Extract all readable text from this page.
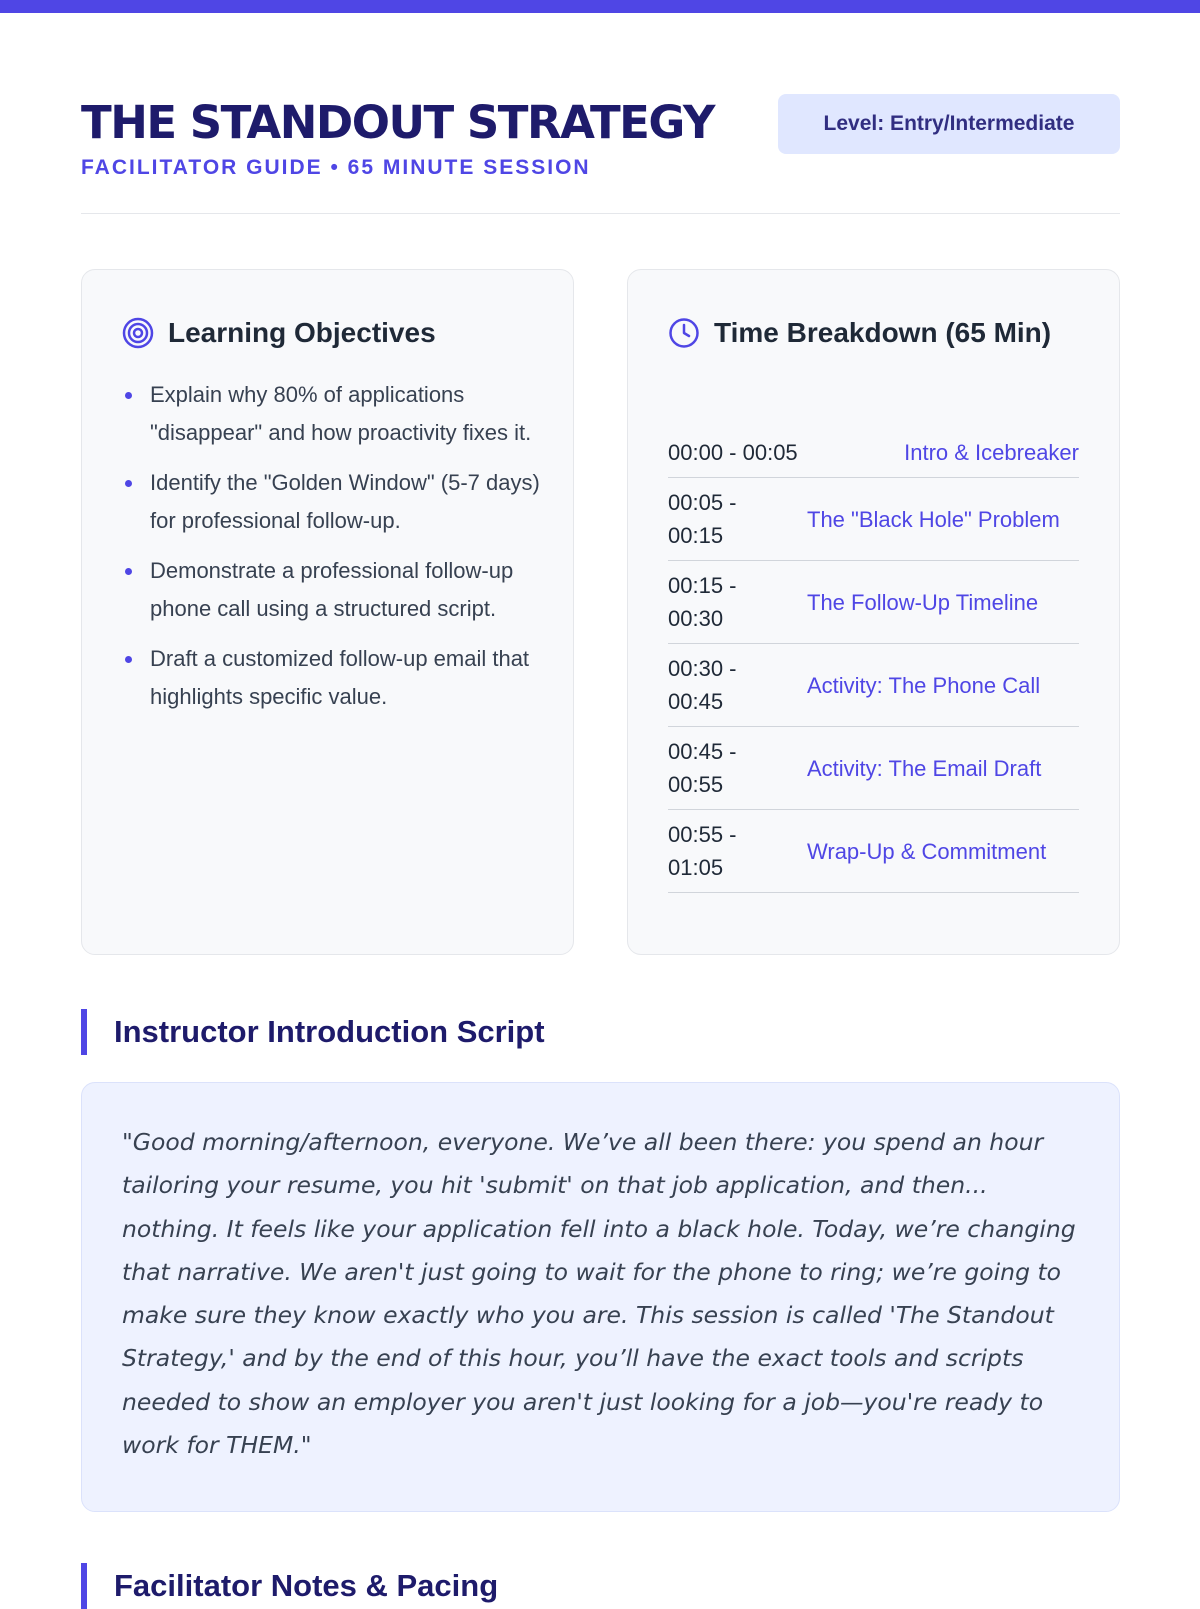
THE STANDOUT STRATEGY
FACILITATOR GUIDE • 65 MINUTE SESSION
Level: Entry/Intermediate
Learning Objectives
Explain why 80% of applications "disappear" and how proactivity fixes it.
Identify the "Golden Window" (5-7 days) for professional follow-up.
Demonstrate a professional follow-up phone call using a structured script.
Draft a customized follow-up email that highlights specific value.
Time Breakdown (65 Min)
00:00 - 00:05	Intro & Icebreaker
00:05 - 00:15
The "Black Hole" Problem
00:15 - 00:30
The Follow-Up Timeline
00:30 - 00:45
Activity: The Phone Call
00:45 - 00:55
Activity: The Email Draft
00:55 - 01:05
Wrap-Up & Commitment
Instructor Introduction Script

"Good morning/afternoon, everyone. We’ve all been there: you spend an hour tailoring your resume, you hit 'submit' on that job application, and then... nothing. It feels like your application fell into a black hole. Today, we’re changing that narrative. We aren't just going to wait for the phone to ring; we’re going to make sure they know exactly who you are. This session is called 'The Standout Strategy,' and by the end of this hour, you’ll have the exact tools and scripts needed to show an employer you aren't just looking for a job—you're ready to work for THEM."

Facilitator Notes & Pacing
